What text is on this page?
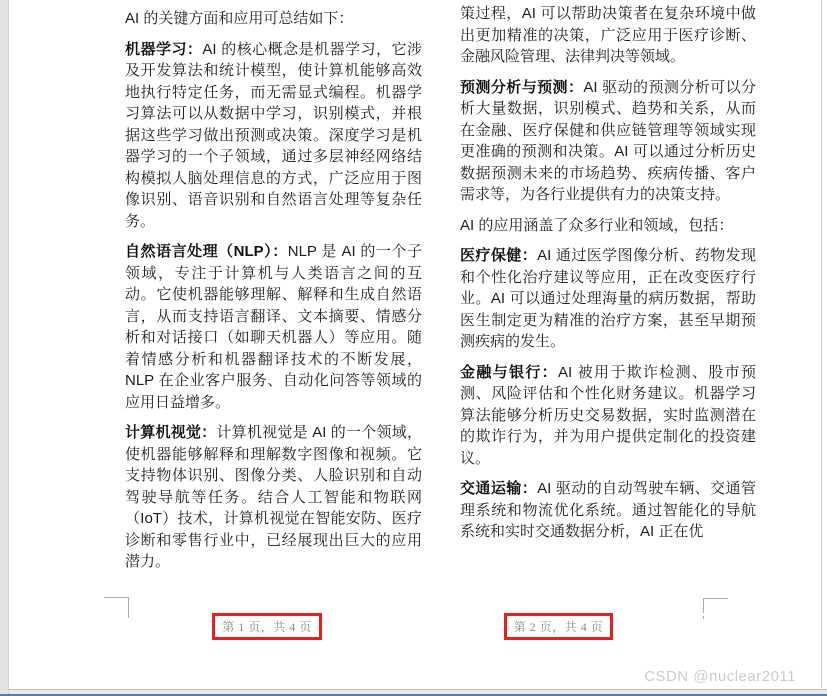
AI 的关键方面和应用可总结如下：

机器学习：AI 的核心概念是机器学习，它涉及开发算法和统计模型，使计算机能够高效地执行特定任务，而无需显式编程。机器学习算法可以从数据中学习，识别模式，并根据这些学习做出预测或决策。深度学习是机器学习的一个子领域，通过多层神经网络结构模拟人脑处理信息的方式，广泛应用于图像识别、语音识别和自然语言处理等复杂任务。

自然语言处理（NLP）：NLP 是 AI 的一个子领域，专注于计算机与人类语言之间的互动。它使机器能够理解、解释和生成自然语言，从而支持语言翻译、文本摘要、情感分析和对话接口（如聊天机器人）等应用。随着情感分析和机器翻译技术的不断发展，NLP 在企业客户服务、自动化问答等领域的应用日益增多。

计算机视觉：计算机视觉是 AI 的一个领域，使机器能够解释和理解数字图像和视频。它支持物体识别、图像分类、人脸识别和自动驾驶导航等任务。结合人工智能和物联网（IoT）技术，计算机视觉在智能安防、医疗诊断和零售行业中，已经展现出巨大的应用潜力。

策过程，AI 可以帮助决策者在复杂环境中做出更加精准的决策，广泛应用于医疗诊断、金融风险管理、法律判决等领域。

预测分析与预测：AI 驱动的预测分析可以分析大量数据，识别模式、趋势和关系，从而在金融、医疗保健和供应链管理等领域实现更准确的预测和决策。AI 可以通过分析历史数据预测未来的市场趋势、疾病传播、客户需求等，为各行业提供有力的决策支持。

AI 的应用涵盖了众多行业和领域，包括：

医疗保健：AI 通过医学图像分析、药物发现和个性化治疗建议等应用，正在改变医疗行业。AI 可以通过处理海量的病历数据，帮助医生制定更为精准的治疗方案，甚至早期预测疾病的发生。

金融与银行：AI 被用于欺诈检测、股市预测、风险评估和个性化财务建议。机器学习算法能够分析历史交易数据，实时监测潜在的欺诈行为，并为用户提供定制化的投资建议。

交通运输：AI 驱动的自动驾驶车辆、交通管理系统和物流优化系统。通过智能化的导航系统和实时交通数据分析，AI 正在优

第 1 页，共 4 页	第 2 页，共 4 页
CSDN @nuclear2011
